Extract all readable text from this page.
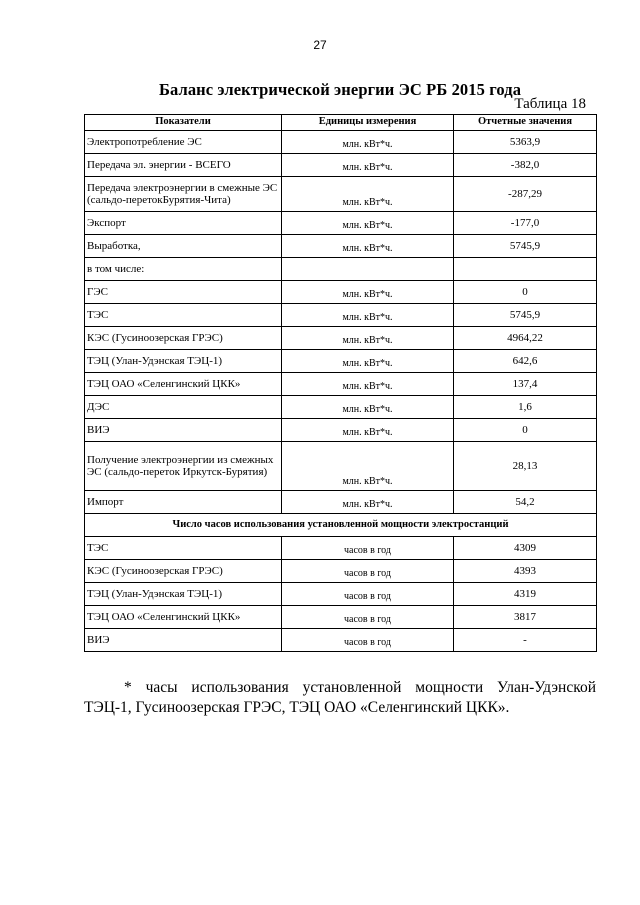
27
Баланс электрической энергии ЭС РБ 2015 года
Таблица 18
Показатели	Единицы измерения	Отчетные значения
Электропотребление ЭС	млн. кВт*ч.	5363,9
Передача эл. энергии - ВСЕГО	млн. кВт*ч.	-382,0
Передача электроэнергии в смежные ЭС (сальдо-перетокБурятия-Чита)	млн. кВт*ч.	-287,29
Экспорт	млн. кВт*ч.	-177,0
Выработка,	млн. кВт*ч.	5745,9
в том числе:		
ГЭС	млн. кВт*ч.	0
ТЭС	млн. кВт*ч.	5745,9
КЭС (Гусиноозерская ГРЭС)	млн. кВт*ч.	4964,22
ТЭЦ (Улан-Удэнская ТЭЦ-1)	млн. кВт*ч.	642,6
ТЭЦ ОАО «Селенгинский ЦКК»	млн. кВт*ч.	137,4
ДЭС	млн. кВт*ч.	1,6
ВИЭ	млн. кВт*ч.	0
Получение электроэнергии из смежных ЭС (сальдо-переток Иркутск-Бурятия)	млн. кВт*ч.	28,13
Импорт	млн. кВт*ч.	54,2
Число часов использования установленной мощности электростанций		
ТЭС	часов в год	4309
КЭС (Гусиноозерская ГРЭС)	часов в год	4393
ТЭЦ (Улан-Удэнская ТЭЦ-1)	часов в год	4319
ТЭЦ ОАО «Селенгинский ЦКК»	часов в год	3817
ВИЭ	часов в год	-
* часы использования установленной мощности Улан-Удэнской ТЭЦ-1, Гусиноозерская ГРЭС, ТЭЦ ОАО «Селенгинский ЦКК».
